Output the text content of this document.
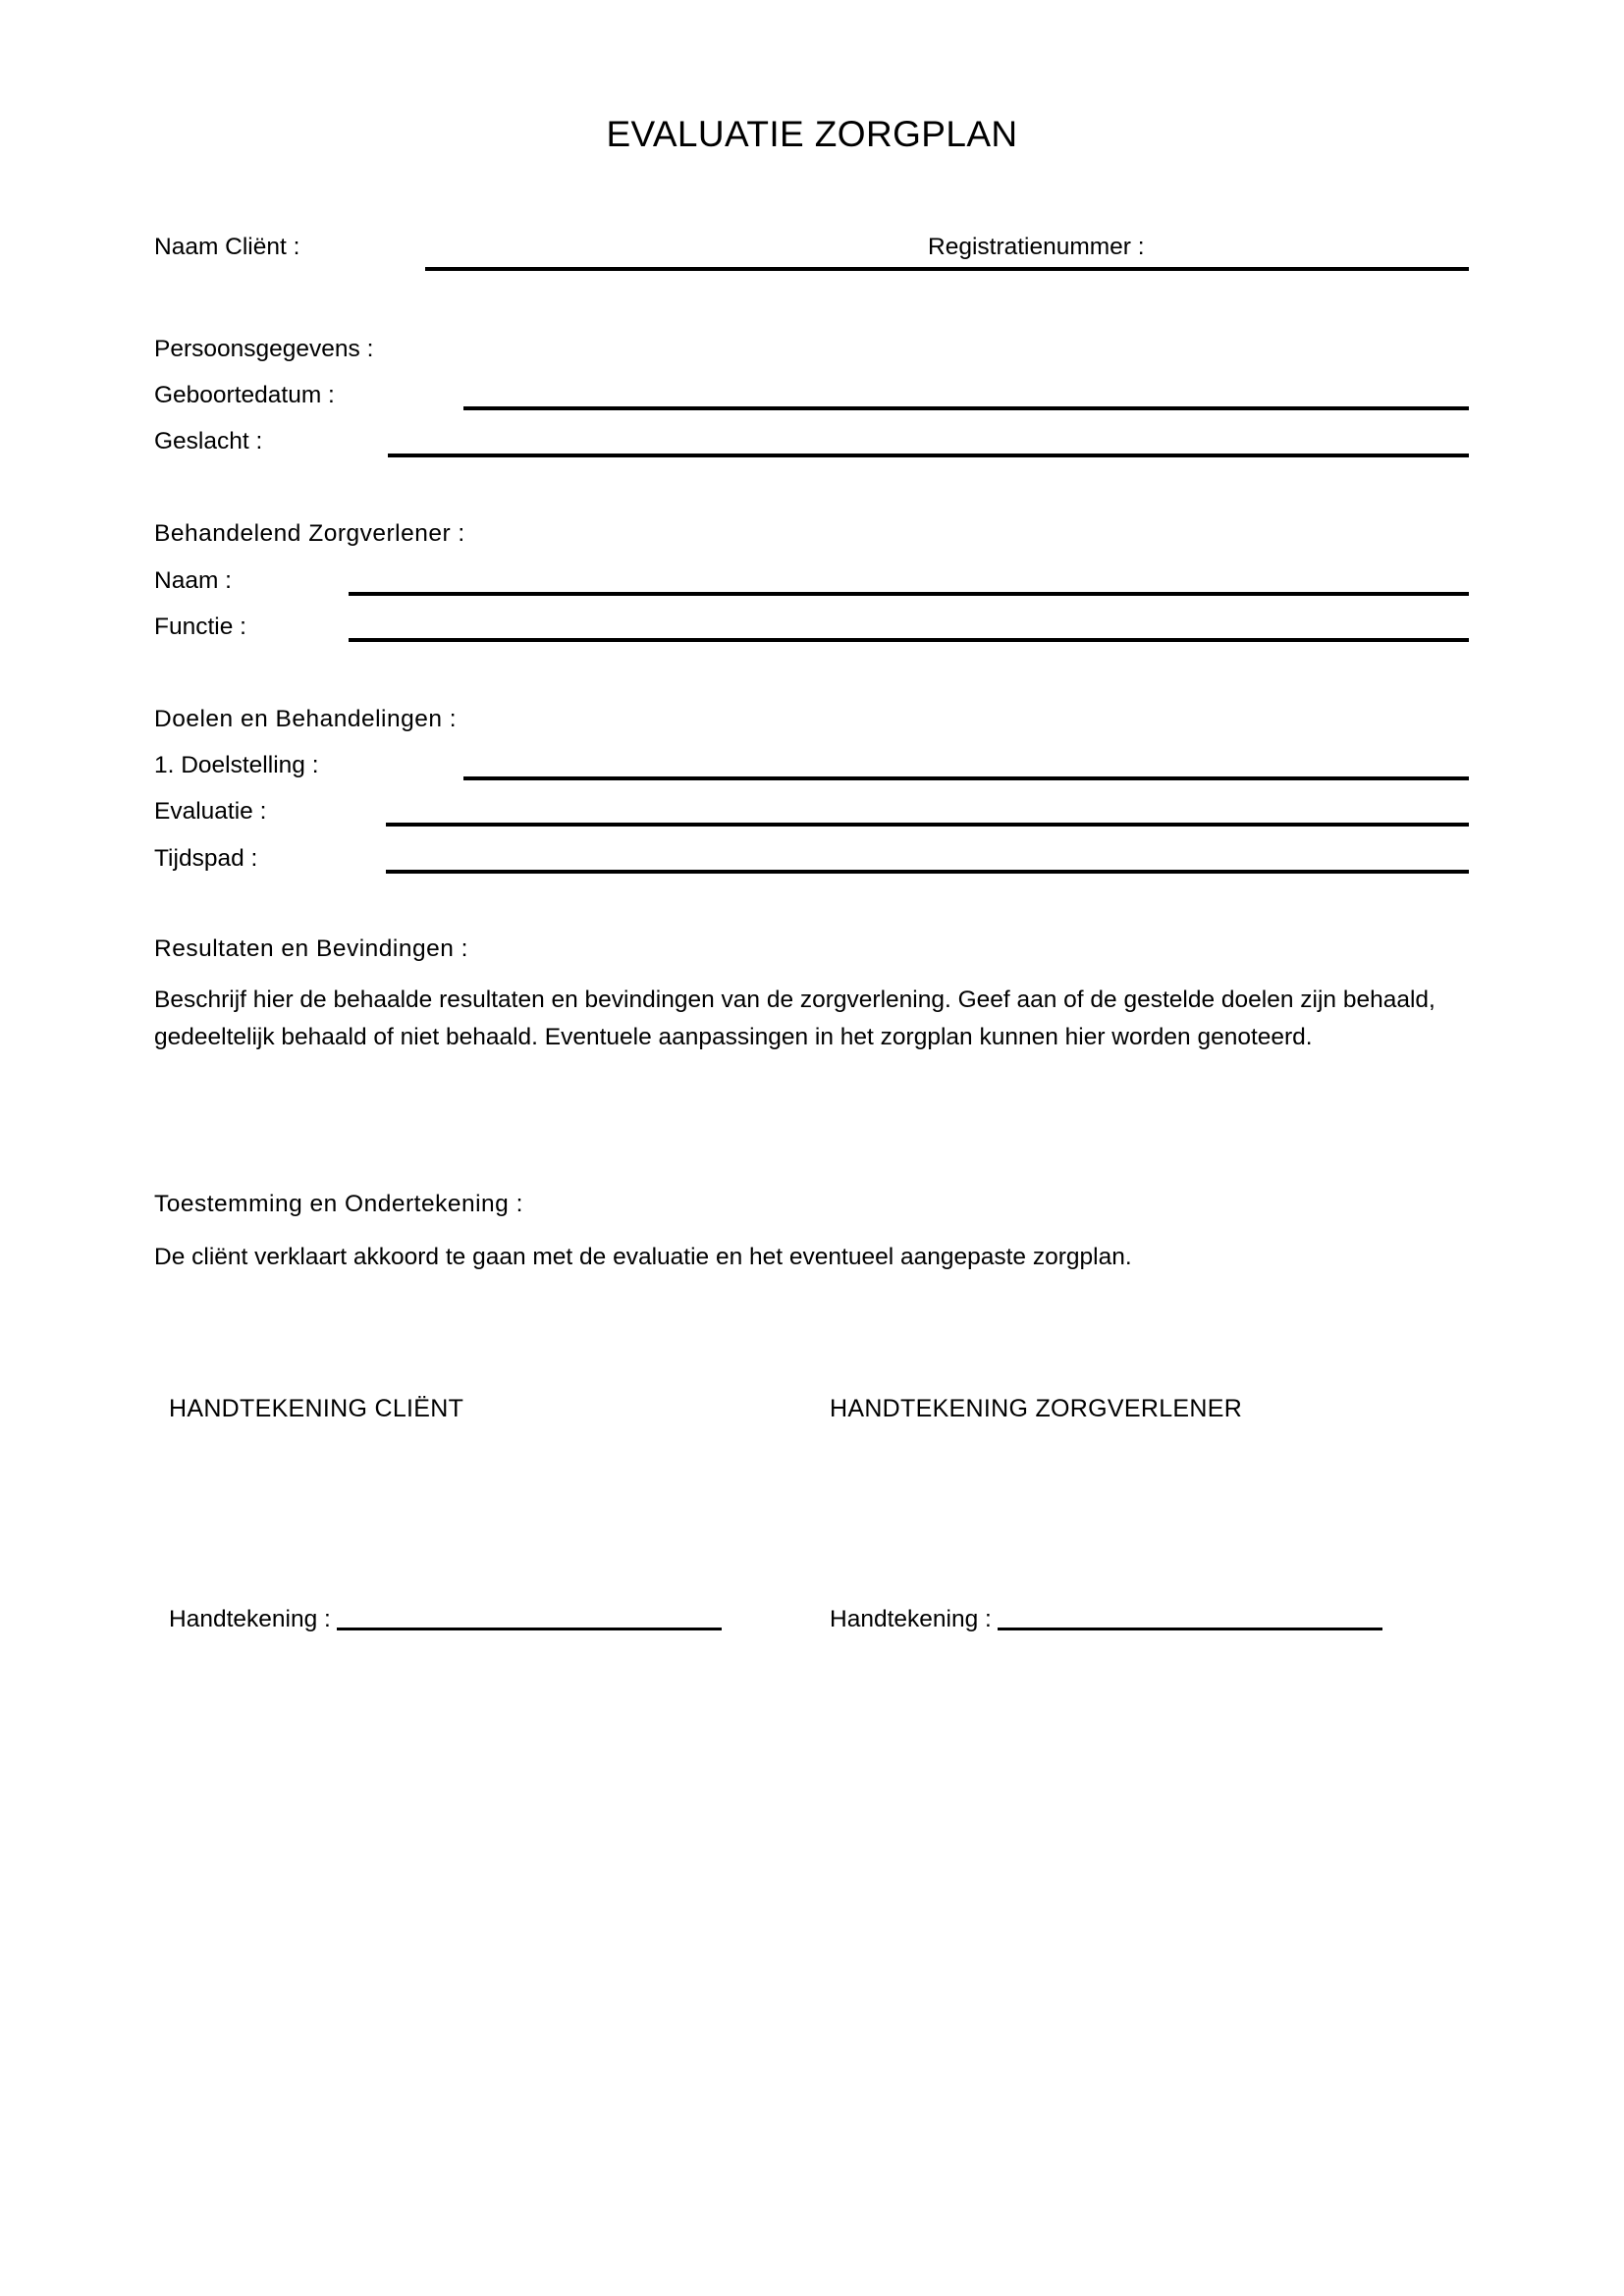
EVALUATIE ZORGPLAN
Naam Cliënt :	Registratienummer :
Persoonsgegevens :
Geboortedatum :
Geslacht :
Behandelend Zorgverlener :
Naam :
Functie :
Doelen en Behandelingen :
1. Doelstelling :
Evaluatie :
Tijdspad :
Resultaten en Bevindingen :
Beschrijf hier de behaalde resultaten en bevindingen van de zorgverlening. Geef aan of de gestelde doelen zijn behaald, gedeeltelijk behaald of niet behaald. Eventuele aanpassingen in het zorgplan kunnen hier worden genoteerd.
Toestemming en Ondertekening :
De cliënt verklaart akkoord te gaan met de evaluatie en het eventueel aangepaste zorgplan.
HANDTEKENING CLIËNT	HANDTEKENING ZORGVERLENER
Handtekening :	Handtekening :
